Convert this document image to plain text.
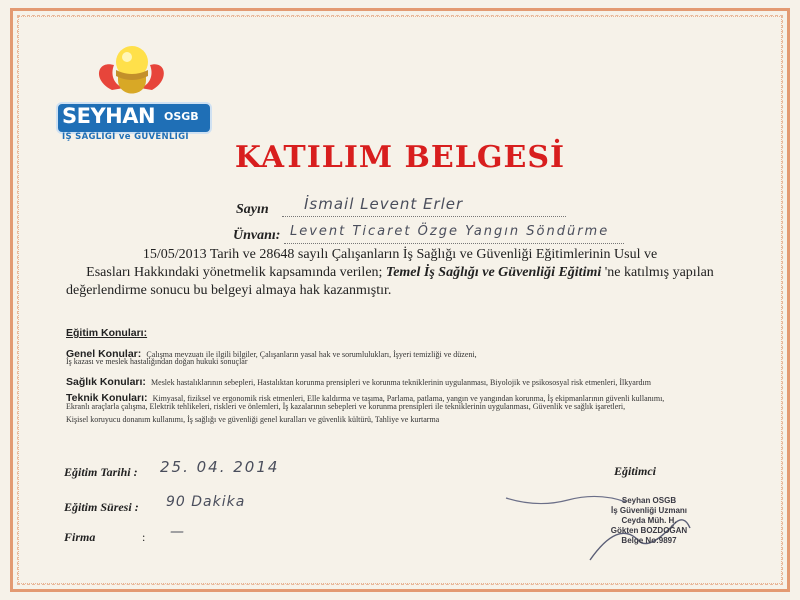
SEYHAN OSGB
İŞ SAĞLIĞI ve GÜVENLİĞİ
KATILIM BELGESİ
Sayın İsmail Levent Erler
Ünvanı: Levent Ticaret Özge Yangın Söndürme
15/05/2013 Tarih ve 28648 sayılı Çalışanların İş Sağlığı ve Güvenliği Eğitimlerinin Usul ve
Esasları Hakkındaki yönetmelik kapsamında verilen; Temel İş Sağlığı ve Güvenliği Eğitimi 'ne katılmış yapılan
değerlendirme sonucu bu belgeyi almaya hak kazanmıştır.
Eğitim Konuları:
Genel Konular: Çalışma mevzuatı ile ilgili bilgiler, Çalışanların yasal hak ve sorumlulukları, İşyeri temizliği ve düzeni,
İş kazası ve meslek hastalığından doğan hukuki sonuçlar
Sağlık Konuları: Meslek hastalıklarının sebepleri, Hastalıktan korunma prensipleri ve korunma tekniklerinin uygulanması, Biyolojik ve psikososyal risk etmenleri, İlkyardım
Teknik Konuları: Kimyasal, fiziksel ve ergonomik risk etmenleri, Elle kaldırma ve taşıma, Parlama, patlama, yangın ve yangından korunma, İş ekipmanlarının güvenli kullanımı,
Ekranlı araçlarla çalışma, Elektrik tehlikeleri, riskleri ve önlemleri, İş kazalarının sebepleri ve korunma prensipleri ile tekniklerinin uygulanması, Güvenlik ve sağlık işaretleri,
Kişisel koruyucu donanım kullanımı, İş sağlığı ve güvenliği genel kuralları ve güvenlik kültürü, Tahliye ve kurtarma
Eğitim Tarihi : 25. 04. 2014
Eğitim Süresi : 90 Dakika
Firma	: —
Eğitimci
Seyhan OSGB
İş Güvenliği Uzmanı
Ceyda Müh. H.
Gökten BOZDOĞAN
Belge No:9897
